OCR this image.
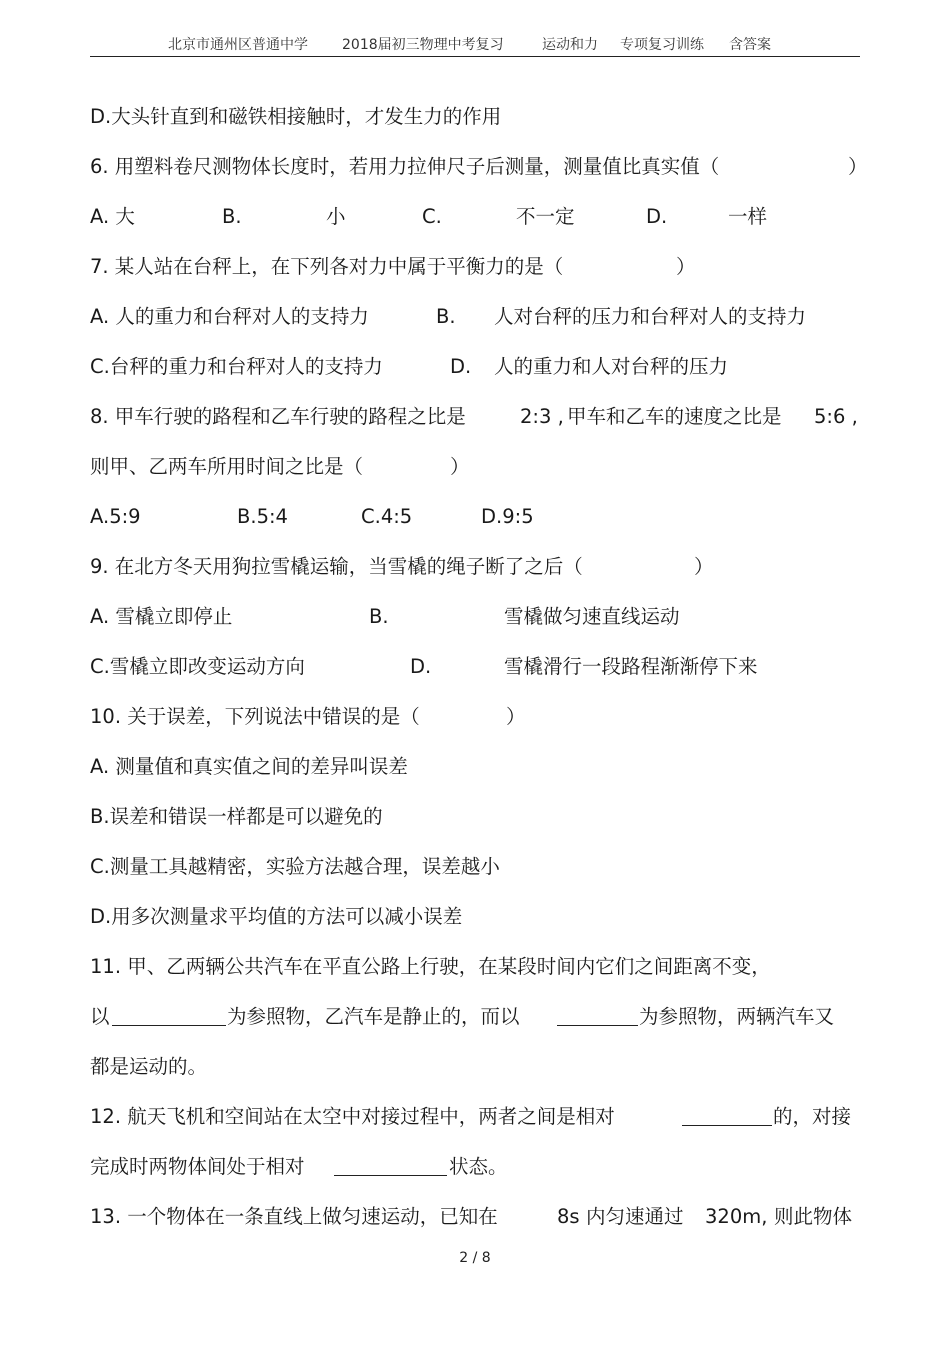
北京市通州区普通中学 2018届初三物理中考复习	运动和力 专项复习训练 含答案
D.大头针直到和磁铁相接触时，才发生力的作用
6. 用塑料卷尺测物体长度时，若用力拉伸尺子后测量，测量值比真实值（	）
A. 大	B.	小	C.	不一定	D.	一样
7. 某人站在台秤上，在下列各对力中属于平衡力的是（	）
A. 人的重力和台秤对人的支持力	B. 人对台秤的压力和台秤对人的支持力
C.台秤的重力和台秤对人的支持力	D. 人的重力和人对台秤的压力
8. 甲车行驶的路程和乙车行驶的路程之比是	2:3 , 甲车和乙车的速度之比是 5:6 ,
则甲、乙两车所用时间之比是（	）
A.5:9	B.5:4	C.4:5	D.9:5
9. 在北方冬天用狗拉雪橇运输，当雪橇的绳子断了之后（	）
A. 雪橇立即停止	B.	雪橇做匀速直线运动
C.雪橇立即改变运动方向	D.	雪橇滑行一段路程渐渐停下来
10. 关于误差，下列说法中错误的是（	）
A. 测量值和真实值之间的差异叫误差
B.误差和错误一样都是可以避免的
C.测量工具越精密，实验方法越合理，误差越小
D.用多次测量求平均值的方法可以减小误差
11. 甲、乙两辆公共汽车在平直公路上行驶，在某段时间内它们之间距离不变，
以	为参照物，乙汽车是静止的，而以	为参照物，两辆汽车又
都是运动的。
12. 航天飞机和空间站在太空中对接过程中，两者之间是相对	的，对接
完成时两物体间处于相对	状态。
13. 一个物体在一条直线上做匀速运动，已知在	8s 内匀速通过 320m, 则此物体
2 / 8
